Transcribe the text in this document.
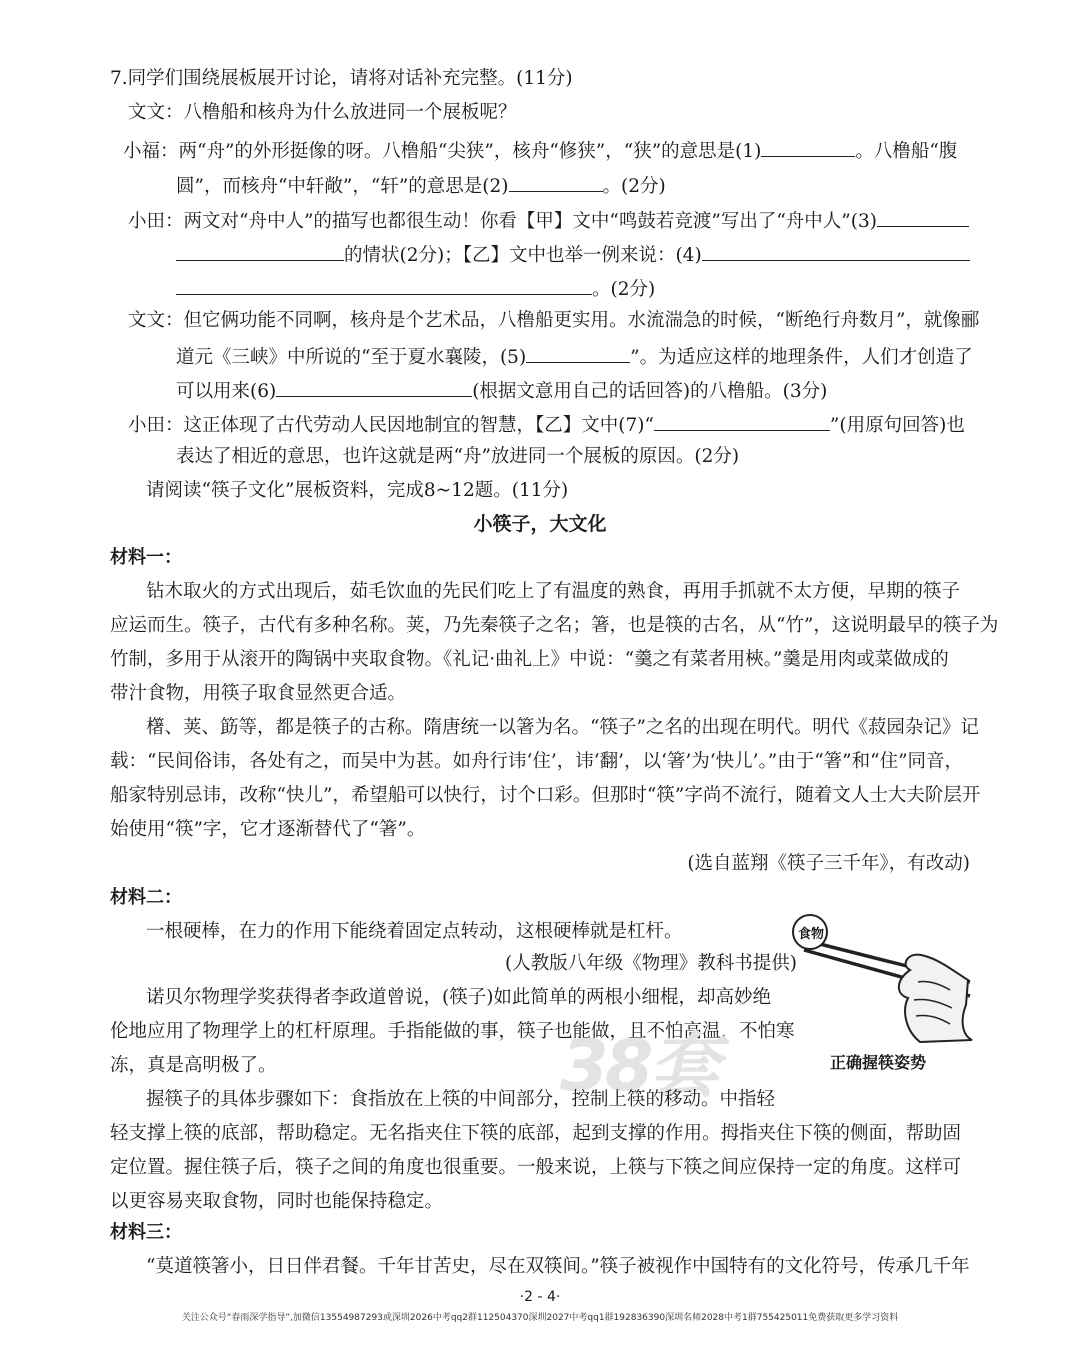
7.同学们围绕展板展开讨论，请将对话补充完整。(11分)
文文：八橹船和核舟为什么放进同一个展板呢？
小福：两“舟”的外形挺像的呀。八橹船“尖狭”，核舟“修狭”，“狭”的意思是(1)	。八橹船“腹
圆”，而核舟“中轩敞”，“轩”的意思是(2)	。(2分)
小田：两文对“舟中人”的描写也都很生动！你看【甲】文中“鸣鼓若竞渡”写出了“舟中人”(3)
的情状(2分)；【乙】文中也举一例来说：(4)
。(2分)
文文：但它俩功能不同啊，核舟是个艺术品，八橹船更实用。水流湍急的时候，“断绝行舟数月”，就像郦
道元《三峡》中所说的“至于夏水襄陵，(5)	”。为适应这样的地理条件，人们才创造了
可以用来(6)	(根据文意用自己的话回答)的八橹船。(3分)
小田：这正体现了古代劳动人民因地制宜的智慧，【乙】文中(7)“	”(用原句回答)也
表达了相近的意思，也许这就是两“舟”放进同一个展板的原因。(2分)
请阅读“筷子文化”展板资料，完成8~12题。(11分)
小筷子，大文化
材料一：
钻木取火的方式出现后，茹毛饮血的先民们吃上了有温度的熟食，再用手抓就不太方便，早期的筷子
应运而生。筷子，古代有多种名称。荚，乃先秦筷子之名；箸，也是筷的古名，从“竹”，这说明最早的筷子为
竹制，多用于从滚开的陶锅中夹取食物。《礼记·曲礼上》中说：“羹之有菜者用梜。”羹是用肉或菜做成的
带汁食物，用筷子取食显然更合适。
櫡、荚、筯等，都是筷子的古称。隋唐统一以箸为名。“筷子”之名的出现在明代。明代《菽园杂记》记
载：“民间俗讳，各处有之，而吴中为甚。如舟行讳‘住’，讳‘翻’，以‘箸’为‘快儿’。”由于“箸”和“住”同音，
船家特别忌讳，改称“快儿”，希望船可以快行，讨个口彩。但那时“筷”字尚不流行，随着文人士大夫阶层开
始使用“筷”字，它才逐渐替代了“箸”。
(选自蓝翔《筷子三千年》，有改动)
材料二：
一根硬棒，在力的作用下能绕着固定点转动，这根硬棒就是杠杆。
(人教版八年级《物理》教科书提供)
诺贝尔物理学奖获得者李政道曾说，(筷子)如此简单的两根小细棍，却高妙绝
伦地应用了物理学上的杠杆原理。手指能做的事，筷子也能做，且不怕高温，不怕寒
冻，真是高明极了。	38套
食物
正确握筷姿势
握筷子的具体步骤如下：食指放在上筷的中间部分，控制上筷的移动。中指轻
轻支撑上筷的底部，帮助稳定。无名指夹住下筷的底部，起到支撑的作用。拇指夹住下筷的侧面，帮助固
定位置。握住筷子后，筷子之间的角度也很重要。一般来说，上筷与下筷之间应保持一定的角度。这样可
以更容易夹取食物，同时也能保持稳定。
材料三：
“莫道筷箸小，日日伴君餐。千年甘苦史，尽在双筷间。”筷子被视作中国特有的文化符号，传承几千年
·2 - 4·
关注公众号“春雨深学指导”,加微信13554987293或深圳2026中考qq2群112504370深圳2027中考qq1群192836390深圳名师2028中考1群755425011免费获取更多学习资料
